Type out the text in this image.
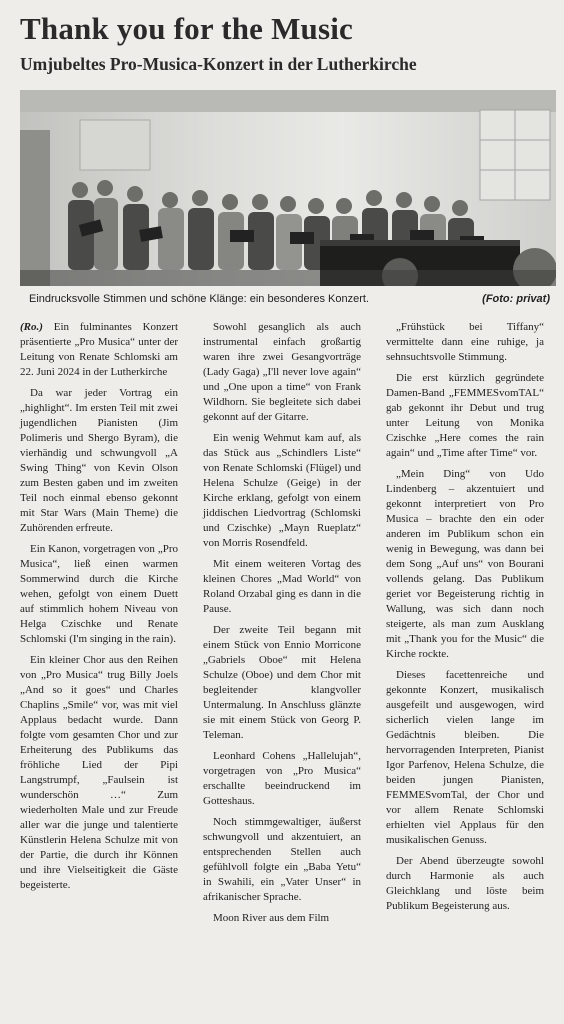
Thank you for the Music
Umjubeltes Pro-Musica-Konzert in der Lutherkirche
Eindrucksvolle Stimmen und schöne Klänge: ein besonderes Konzert.	(Foto: privat)

(Ro.) Ein fulminantes Konzert präsentierte „Pro Musica“ unter der Leitung von Renate Schlomski am 22. Juni 2024 in der Lutherkirche

Da war jeder Vortrag ein „highlight“. Im ersten Teil mit zwei jugendlichen Pianisten (Jim Polimeris und Shergo Byram), die vierhändig und schwungvoll „A Swing Thing“ von Kevin Olson zum Besten gaben und im zweiten Teil noch einmal ebenso gekonnt mit Star Wars (Main Theme) die Zuhörenden erfreute.

Ein Kanon, vorgetragen von „Pro Musica“, ließ einen warmen Sommerwind durch die Kirche wehen, gefolgt von einem Duett auf stimmlich hohem Niveau von Helga Czischke und Renate Schlomski (I'm singing in the rain).

Ein kleiner Chor aus den Reihen von „Pro Musica“ trug Billy Joels „And so it goes“ und Charles Chaplins „Smile“ vor, was mit viel Applaus bedacht wurde. Dann folgte vom gesamten Chor und zur Erheiterung des Publikums das fröhliche Lied der Pipi Langstrumpf, „Faulsein ist wunderschön …“ Zum wiederholten Male und zur Freude aller war die junge und talentierte Künstlerin Helena Schulze mit von der Partie, die durch ihr Können und ihre Vielseitigkeit die Gäste begeisterte.

Sowohl gesanglich als auch instrumental einfach großartig waren ihre zwei Gesangvorträge (Lady Gaga) „I'll never love again“ und „One upon a time“ von Frank Wildhorn. Sie begleitete sich dabei gekonnt auf der Gitarre.

Ein wenig Wehmut kam auf, als das Stück aus „Schindlers Liste“ von Renate Schlomski (Flügel) und Helena Schulze (Geige) in der Kirche erklang, gefolgt von einem jiddischen Liedvortrag (Schlomski und Czischke) „Mayn Rueplatz“ von Morris Rosendfeld.

Mit einem weiteren Vortag des kleinen Chores „Mad World“ von Roland Orzabal ging es dann in die Pause.

Der zweite Teil begann mit einem Stück von Ennio Morricone „Gabriels Oboe“ mit Helena Schulze (Oboe) und dem Chor mit begleitender klangvoller Untermalung. In Anschluss glänzte sie mit einem Stück von Georg P. Teleman.

Leonhard Cohens „Hallelujah“, vorgetragen von „Pro Musica“ erschallte beeindruckend im Gotteshaus.

Noch stimmgewaltiger, äußerst schwungvoll und akzentuiert, an entsprechenden Stellen auch gefühlvoll folgte ein „Baba Yetu“ in Swahili, ein „Vater Unser“ in afrikanischer Sprache.

Moon River aus dem Film

„Frühstück bei Tiffany“ vermittelte dann eine ruhige, ja sehnsuchtsvolle Stimmung.

Die erst kürzlich gegründete Damen-Band „FEMMESvomTAL“ gab gekonnt ihr Debut und trug unter Leitung von Monika Czischke „Here comes the rain again“ und „Time after Time“ vor.

„Mein Ding“ von Udo Lindenberg – akzentuiert und gekonnt interpretiert von Pro Musica – brachte den ein oder anderen im Publikum schon ein wenig in Bewegung, was dann bei dem Song „Auf uns“ von Bourani vollends gelang. Das Publikum geriet vor Begeisterung richtig in Wallung, was sich dann noch steigerte, als man zum Ausklang mit „Thank you for the Music“ die Kirche rockte.

Dieses facettenreiche und gekonnte Konzert, musikalisch ausgefeilt und ausgewogen, wird sicherlich vielen lange im Gedächtnis bleiben. Die hervorragenden Interpreten, Pianist Igor Parfenov, Helena Schulze, die beiden jungen Pianisten, FEMMESvomTal, der Chor und vor allem Renate Schlomski erhielten viel Applaus für den musikalischen Genuss.

Der Abend überzeugte sowohl durch Harmonie als auch Gleichklang und löste beim Publikum Begeisterung aus.
